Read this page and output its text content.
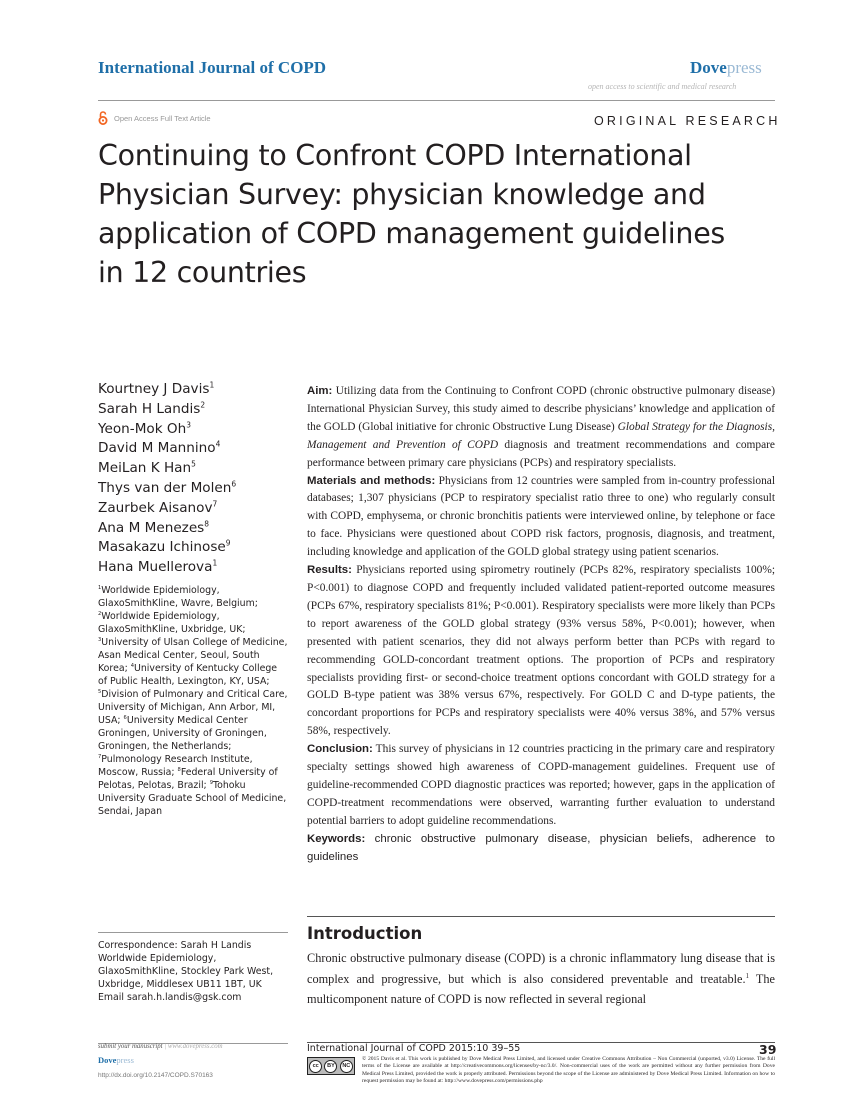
International Journal of COPD	Dovepress
open access to scientific and medical research
Open Access Full Text Article	ORIGINAL RESEARCH
Continuing to Confront COPD International Physician Survey: physician knowledge and application of COPD management guidelines in 12 countries
Kourtney J Davis$^1$
Sarah H Landis$^2$
Yeon-Mok Oh$^3$
David M Mannino$^4$
MeiLan K Han$^5$
Thys van der Molen$^6$
Zaurbek Aisanov$^7$
Ana M Menezes$^8$
Masakazu Ichinose$^9$
Hana Muellerova$^1$
$^1$Worldwide Epidemiology, GlaxoSmithKline, Wavre, Belgium; $^2$Worldwide Epidemiology, GlaxoSmithKline, Uxbridge, UK; $^3$University of Ulsan College of Medicine, Asan Medical Center, Seoul, South Korea; $^4$University of Kentucky College of Public Health, Lexington, KY, USA; $^5$Division of Pulmonary and Critical Care, University of Michigan, Ann Arbor, MI, USA; $^6$University Medical Center Groningen, University of Groningen, Groningen, the Netherlands; $^7$Pulmonology Research Institute, Moscow, Russia; $^8$Federal University of Pelotas, Pelotas, Brazil; $^9$Tohoku University Graduate School of Medicine, Sendai, Japan
Correspondence: Sarah H Landis
Worldwide Epidemiology,
GlaxoSmithKline, Stockley Park West,
Uxbridge, Middlesex UB11 1BT, UK
Email sarah.h.landis@gsk.com

Aim: Utilizing data from the Continuing to Confront COPD (chronic obstructive pulmonary disease) International Physician Survey, this study aimed to describe physicians’ knowledge and application of the GOLD (Global initiative for chronic Obstructive Lung Disease) Global Strategy for the Diagnosis, Management and Prevention of COPD diagnosis and treatment recommendations and compare performance between primary care physicians (PCPs) and respiratory specialists.

Materials and methods: Physicians from 12 countries were sampled from in-country professional databases; 1,307 physicians (PCP to respiratory specialist ratio three to one) who regularly consult with COPD, emphysema, or chronic bronchitis patients were interviewed online, by telephone or face to face. Physicians were questioned about COPD risk factors, prognosis, diagnosis, and treatment, including knowledge and application of the GOLD global strategy using patient scenarios.

Results: Physicians reported using spirometry routinely (PCPs 82%, respiratory specialists 100%; P<0.001) to diagnose COPD and frequently included validated patient-reported outcome measures (PCPs 67%, respiratory specialists 81%; P<0.001). Respiratory specialists were more likely than PCPs to report awareness of the GOLD global strategy (93% versus 58%, P<0.001); however, when presented with patient scenarios, they did not always perform better than PCPs with regard to recommending GOLD-concordant treatment options. The proportion of PCPs and respiratory specialists providing first- or second-choice treatment options concordant with GOLD strategy for a GOLD B-type patient was 38% versus 67%, respectively. For GOLD C and D-type patients, the concordant proportions for PCPs and respiratory specialists were 40% versus 38%, and 57% versus 58%, respectively.

Conclusion: This survey of physicians in 12 countries practicing in the primary care and respiratory specialty settings showed high awareness of COPD-management guidelines. Frequent use of guideline-recommended COPD diagnostic practices was reported; however, gaps in the application of COPD-treatment recommendations were observed, warranting further evaluation to understand potential barriers to adopt guideline recommendations.

Keywords: chronic obstructive pulmonary disease, physician beliefs, adherence to guidelines

Introduction
Chronic obstructive pulmonary disease (COPD) is a chronic inflammatory lung disease that is complex and progressive, but which is also considered preventable and treatable.$^1$ The multicomponent nature of COPD is now reflected in several regional
submit your manuscript | www.dovepress.com
Dovepress
http://dx.doi.org/10.2147/COPD.S70163
International Journal of COPD 2015:10 39–55	39
cc	BY	NC
© 2015 Davis et al. This work is published by Dove Medical Press Limited, and licensed under Creative Commons Attribution – Non Commercial (unported, v3.0) License. The full terms of the License are available at http://creativecommons.org/licenses/by-nc/3.0/. Non-commercial uses of the work are permitted without any further permission from Dove Medical Press Limited, provided the work is properly attributed. Permissions beyond the scope of the License are administered by Dove Medical Press Limited. Information on how to request permission may be found at: http://www.dovepress.com/permissions.php
